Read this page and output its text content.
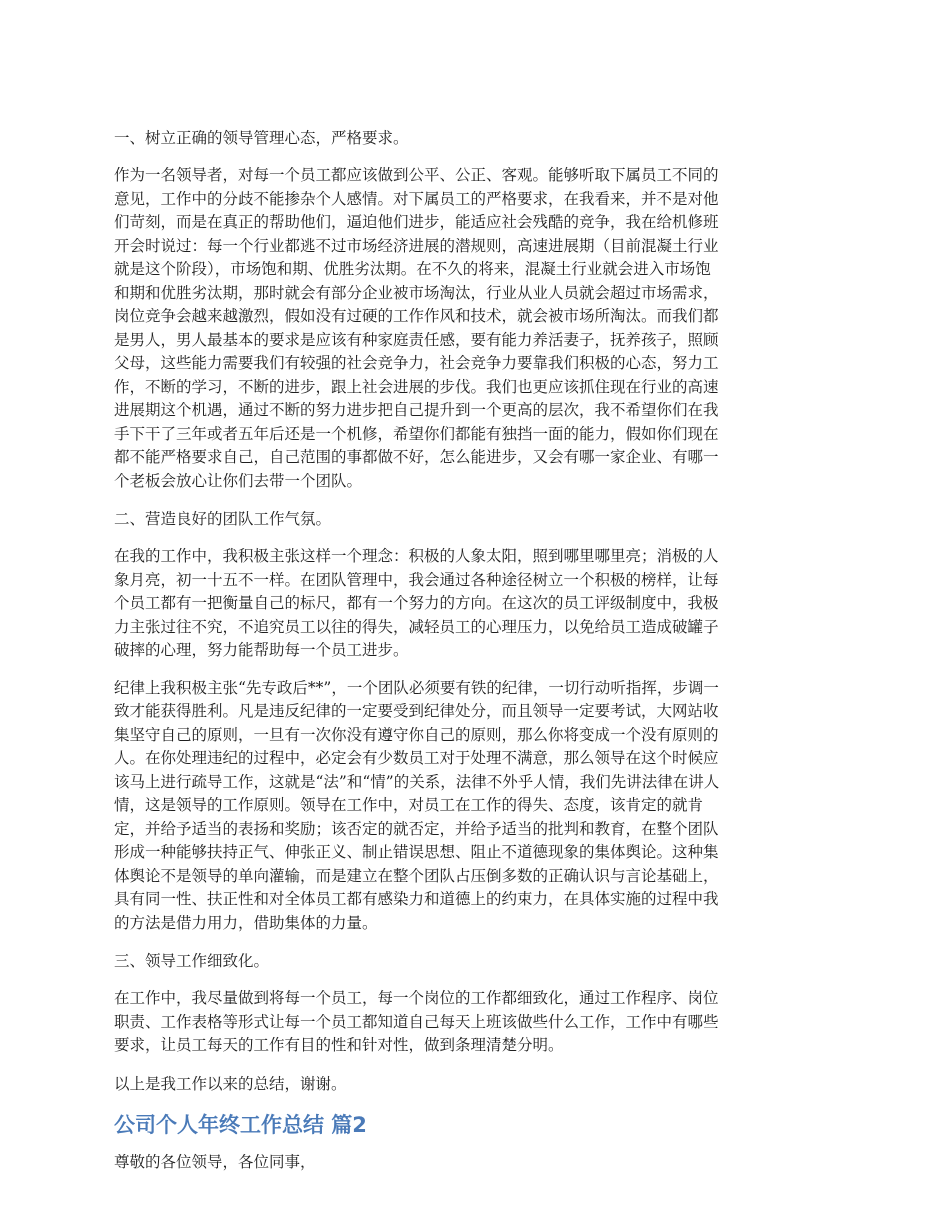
一、树立正确的领导管理心态，严格要求。
作为一名领导者，对每一个员工都应该做到公平、公正、客观。能够听取下属员工不同的
意见，工作中的分歧不能掺杂个人感情。对下属员工的严格要求，在我看来，并不是对他
们苛刻，而是在真正的帮助他们，逼迫他们进步，能适应社会残酷的竞争，我在给机修班
开会时说过：每一个行业都逃不过市场经济进展的潜规则，高速进展期（目前混凝土行业
就是这个阶段），市场饱和期、优胜劣汰期。在不久的将来，混凝土行业就会进入市场饱
和期和优胜劣汰期，那时就会有部分企业被市场淘汰，行业从业人员就会超过市场需求，
岗位竞争会越来越激烈，假如没有过硬的工作作风和技术，就会被市场所淘汰。而我们都
是男人，男人最基本的要求是应该有种家庭责任感，要有能力养活妻子，抚养孩子，照顾
父母，这些能力需要我们有较强的社会竞争力，社会竞争力要靠我们积极的心态，努力工
作，不断的学习，不断的进步，跟上社会进展的步伐。我们也更应该抓住现在行业的高速
进展期这个机遇，通过不断的努力进步把自己提升到一个更高的层次，我不希望你们在我
手下干了三年或者五年后还是一个机修，希望你们都能有独挡一面的能力，假如你们现在
都不能严格要求自己，自己范围的事都做不好，怎么能进步，又会有哪一家企业、有哪一
个老板会放心让你们去带一个团队。
二、营造良好的团队工作气氛。
在我的工作中，我积极主张这样一个理念：积极的人象太阳，照到哪里哪里亮；消极的人
象月亮，初一十五不一样。在团队管理中，我会通过各种途径树立一个积极的榜样，让每
个员工都有一把衡量自己的标尺，都有一个努力的方向。在这次的员工评级制度中，我极
力主张过往不究，不追究员工以往的得失，减轻员工的心理压力，以免给员工造成破罐子
破摔的心理，努力能帮助每一个员工进步。
纪律上我积极主张“先专政后**”，一个团队必须要有铁的纪律，一切行动听指挥，步调一
致才能获得胜利。凡是违反纪律的一定要受到纪律处分，而且领导一定要考试，大网站收
集坚守自己的原则，一旦有一次你没有遵守你自己的原则，那么你将变成一个没有原则的
人。在你处理违纪的过程中，必定会有少数员工对于处理不满意，那么领导在这个时候应
该马上进行疏导工作，这就是“法”和“情”的关系，法律不外乎人情，我们先讲法律在讲人
情，这是领导的工作原则。领导在工作中，对员工在工作的得失、态度，该肯定的就肯
定，并给予适当的表扬和奖励；该否定的就否定，并给予适当的批判和教育，在整个团队
形成一种能够扶持正气、伸张正义、制止错误思想、阻止不道德现象的集体舆论。这种集
体舆论不是领导的单向灌输，而是建立在整个团队占压倒多数的正确认识与言论基础上，
具有同一性、扶正性和对全体员工都有感染力和道德上的约束力，在具体实施的过程中我
的方法是借力用力，借助集体的力量。
三、领导工作细致化。
在工作中，我尽量做到将每一个员工，每一个岗位的工作都细致化，通过工作程序、岗位
职责、工作表格等形式让每一个员工都知道自己每天上班该做些什么工作，工作中有哪些
要求，让员工每天的工作有目的性和针对性，做到条理清楚分明。
以上是我工作以来的总结，谢谢。
公司个人年终工作总结 篇2
尊敬的各位领导，各位同事，
